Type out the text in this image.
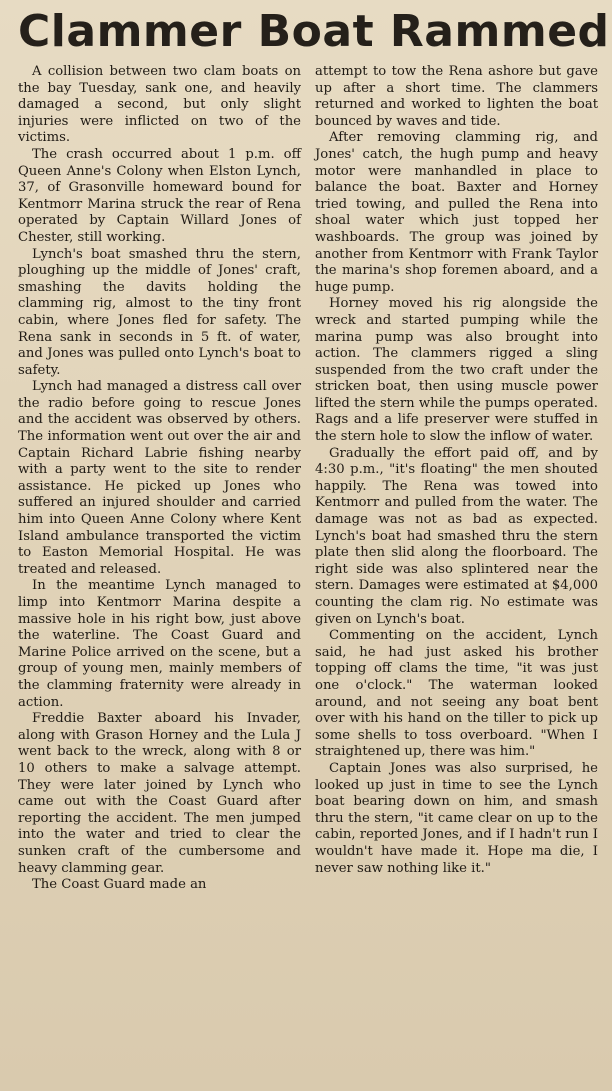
Clammer Boat Rammed

A collision between two clam boats on the bay Tuesday, sank one, and heavily damaged a second, but only slight injuries were inflicted on two of the victims.

The crash occurred about 1 p.m. off Queen Anne's Colony when Elston Lynch, 37, of Grasonville homeward bound for Kentmorr Marina struck the rear of Rena operated by Captain Willard Jones of Chester, still working.

Lynch's boat smashed thru the stern, ploughing up the middle of Jones' craft, smashing the davits holding the clamming rig, almost to the tiny front cabin, where Jones fled for safety. The Rena sank in seconds in 5 ft. of water, and Jones was pulled onto Lynch's boat to safety.

Lynch had managed a distress call over the radio before going to rescue Jones and the accident was observed by others. The information went out over the air and Captain Richard Labrie fishing nearby with a party went to the site to render assistance. He picked up Jones who suffered an injured shoulder and carried him into Queen Anne Colony where Kent Island ambulance transported the victim to Easton Memorial Hospital. He was treated and released.

In the meantime Lynch managed to limp into Kentmorr Marina despite a massive hole in his right bow, just above the waterline. The Coast Guard and Marine Police arrived on the scene, but a group of young men, mainly members of the clamming fraternity were already in action.

Freddie Baxter aboard his Invader, along with Grason Horney and the Lula J went back to the wreck, along with 8 or 10 others to make a salvage attempt. They were later joined by Lynch who came out with the Coast Guard after reporting the accident. The men jumped into the water and tried to clear the sunken craft of the cumbersome and heavy clamming gear.

The Coast Guard made an

attempt to tow the Rena ashore but gave up after a short time. The clammers returned and worked to lighten the boat bounced by waves and tide.

After removing clamming rig, and Jones' catch, the hugh pump and heavy motor were manhandled in place to balance the boat. Baxter and Horney tried towing, and pulled the Rena into shoal water which just topped her washboards. The group was joined by another from Kentmorr with Frank Taylor the marina's shop foremen aboard, and a huge pump.

Horney moved his rig alongside the wreck and started pumping while the marina pump was also brought into action. The clammers rigged a sling suspended from the two craft under the stricken boat, then using muscle power lifted the stern while the pumps operated. Rags and a life preserver were stuffed in the stern hole to slow the inflow of water.

Gradually the effort paid off, and by 4:30 p.m., "it's floating" the men shouted happily. The Rena was towed into Kentmorr and pulled from the water. The damage was not as bad as expected. Lynch's boat had smashed thru the stern plate then slid along the floorboard. The right side was also splintered near the stern. Damages were estimated at $4,000 counting the clam rig. No estimate was given on Lynch's boat.

Commenting on the accident, Lynch said, he had just asked his brother topping off clams the time, "it was just one o'clock." The waterman looked around, and not seeing any boat bent over with his hand on the tiller to pick up some shells to toss overboard. "When I straightened up, there was him."

Captain Jones was also surprised, he looked up just in time to see the Lynch boat bearing down on him, and smash thru the stern, "it came clear on up to the cabin, reported Jones, and if I hadn't run I wouldn't have made it. Hope ma die, I never saw nothing like it."
